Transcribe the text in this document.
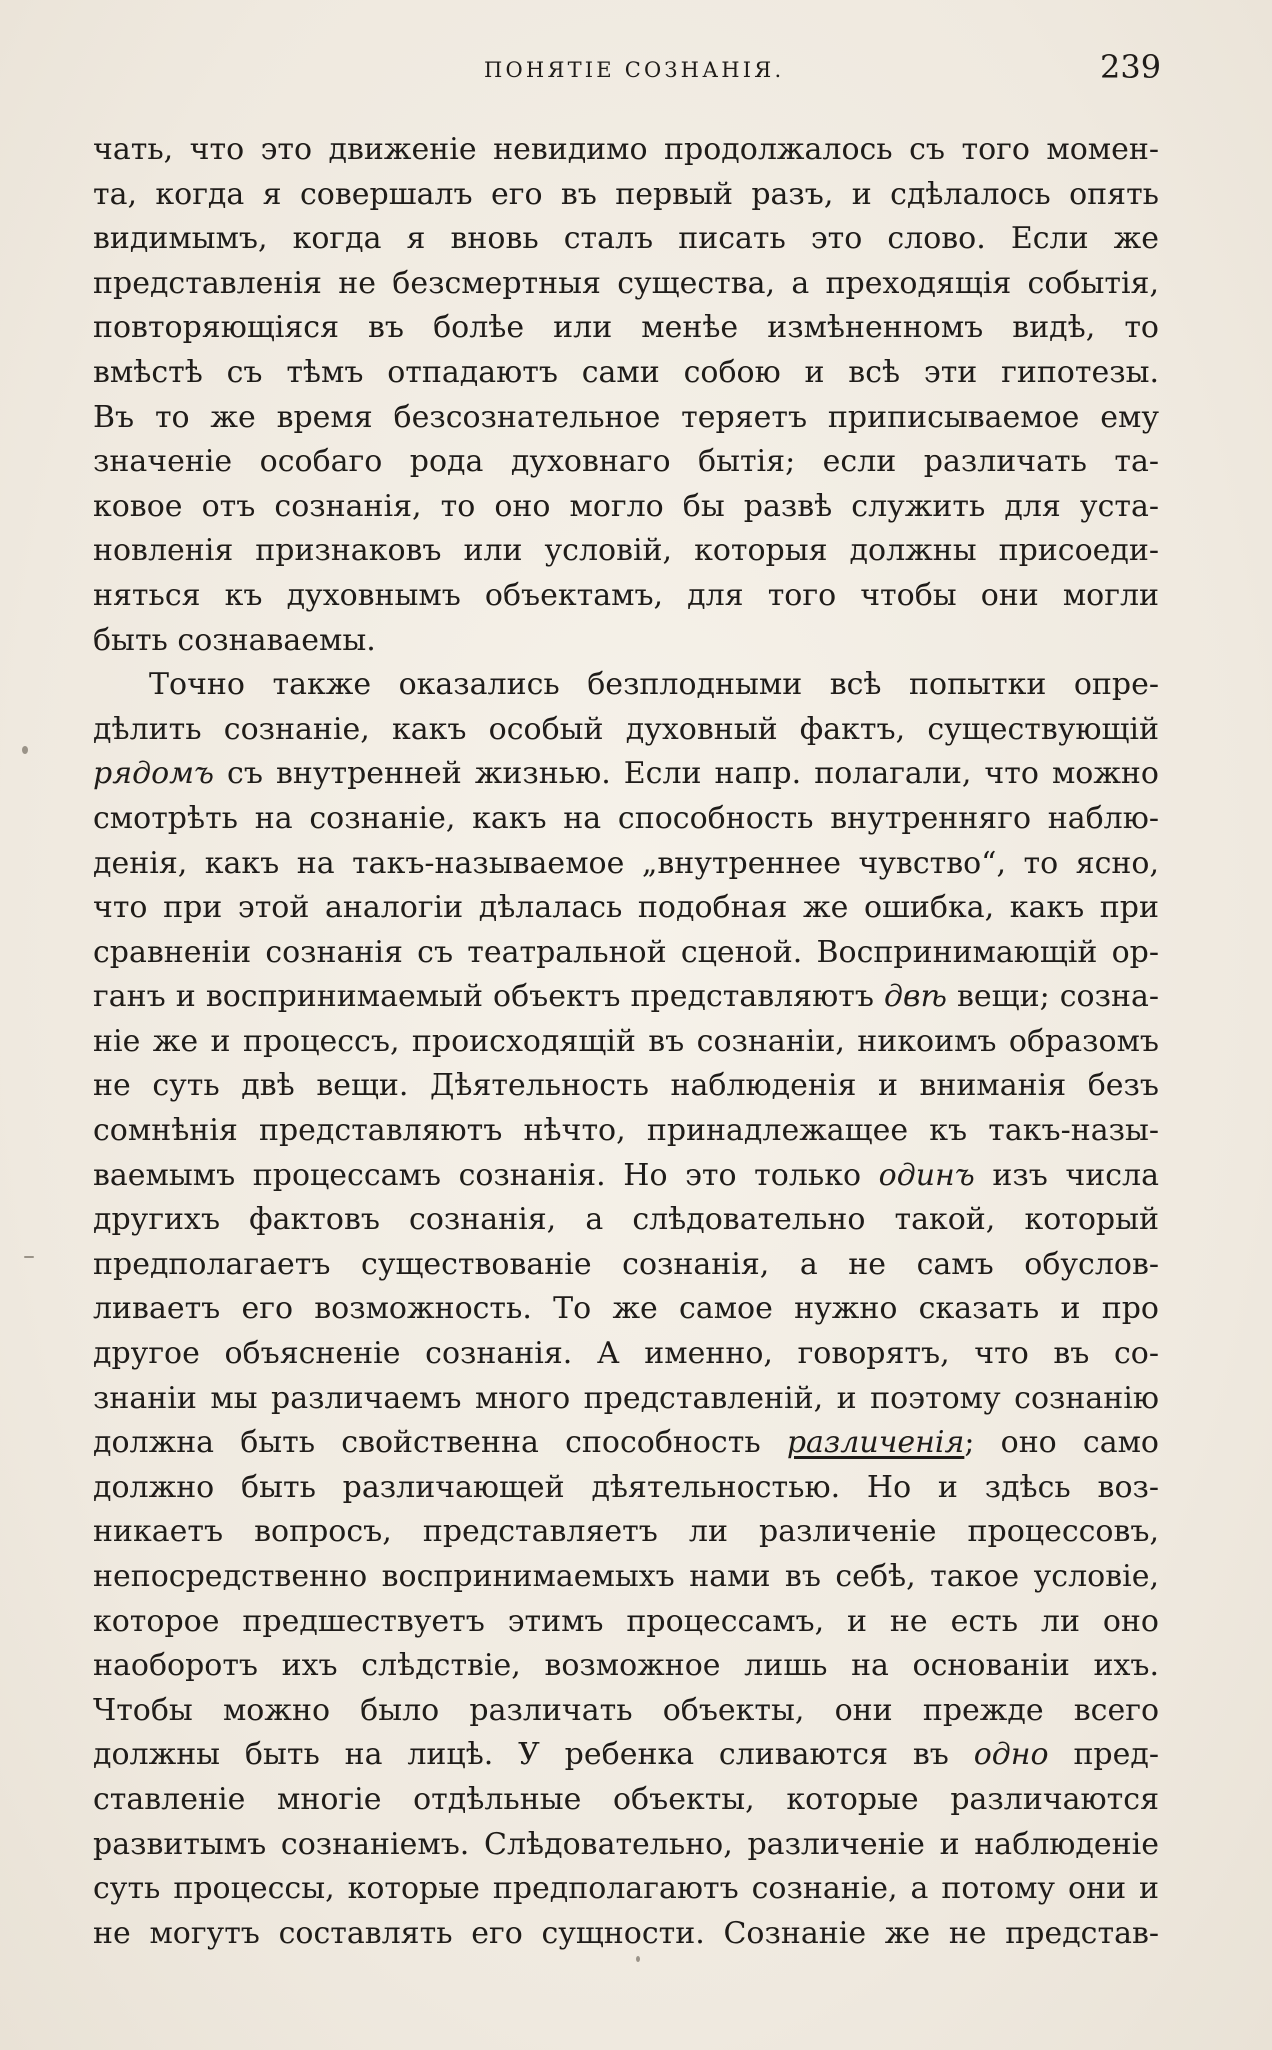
ПОНЯТІЕ СОЗНАНІЯ.	239
чать, что это движеніе невидимо продолжалось съ того момен-
та, когда я совершалъ его въ первый разъ, и сдѣлалось опять
видимымъ, когда я вновь сталъ писать это слово. Если же
представленія не безсмертныя существа, а преходящія событія,
повторяющіяся въ болѣе или менѣе измѣненномъ видѣ, то
вмѣстѣ съ тѣмъ отпадаютъ сами собою и всѣ эти гипотезы.
Въ то же время безсознательное теряетъ приписываемое ему
значеніе особаго рода духовнаго бытія; если различать та-
ковое отъ сознанія, то оно могло бы развѣ служить для уста-
новленія признаковъ или условій, которыя должны присоеди-
няться къ духовнымъ объектамъ, для того чтобы они могли
быть сознаваемы.
Точно также оказались безплодными всѣ попытки опре-
дѣлить сознаніе, какъ особый духовный фактъ, существующій
рядомъ съ внутренней жизнью. Если напр. полагали, что можно
смотрѣть на сознаніе, какъ на способность внутренняго наблю-
денія, какъ на такъ-называемое „внутреннее чувство“, то ясно,
что при этой аналогіи дѣлалась подобная же ошибка, какъ при
сравненіи сознанія съ театральной сценой. Воспринимающій ор-
ганъ и воспринимаемый объектъ представляютъ двѣ вещи; созна-
ніе же и процессъ, происходящій въ сознаніи, никоимъ образомъ
не суть двѣ вещи. Дѣятельность наблюденія и вниманія безъ
сомнѣнія представляютъ нѣчто, принадлежащее къ такъ-назы-
ваемымъ процессамъ сознанія. Но это только одинъ изъ числа
другихъ фактовъ сознанія, а слѣдовательно такой, который
предполагаетъ существованіе сознанія, а не самъ обуслов-
ливаетъ его возможность. То же самое нужно сказать и про
другое объясненіе сознанія. А именно, говорятъ, что въ со-
знаніи мы различаемъ много представленій, и поэтому сознанію
должна быть свойственна способность различенія; оно само
должно быть различающей дѣятельностью. Но и здѣсь воз-
никаетъ вопросъ, представляетъ ли различеніе процессовъ,
непосредственно воспринимаемыхъ нами въ себѣ, такое условіе,
которое предшествуетъ этимъ процессамъ, и не есть ли оно
наоборотъ ихъ слѣдствіе, возможное лишь на основаніи ихъ.
Чтобы можно было различать объекты, они прежде всего
должны быть на лицѣ. У ребенка сливаются въ одно пред-
ставленіе многіе отдѣльные объекты, которые различаются
развитымъ сознаніемъ. Слѣдовательно, различеніе и наблюденіе
суть процессы, которые предполагаютъ сознаніе, а потому они и
не могутъ составлять его сущности. Сознаніе же не представ-
